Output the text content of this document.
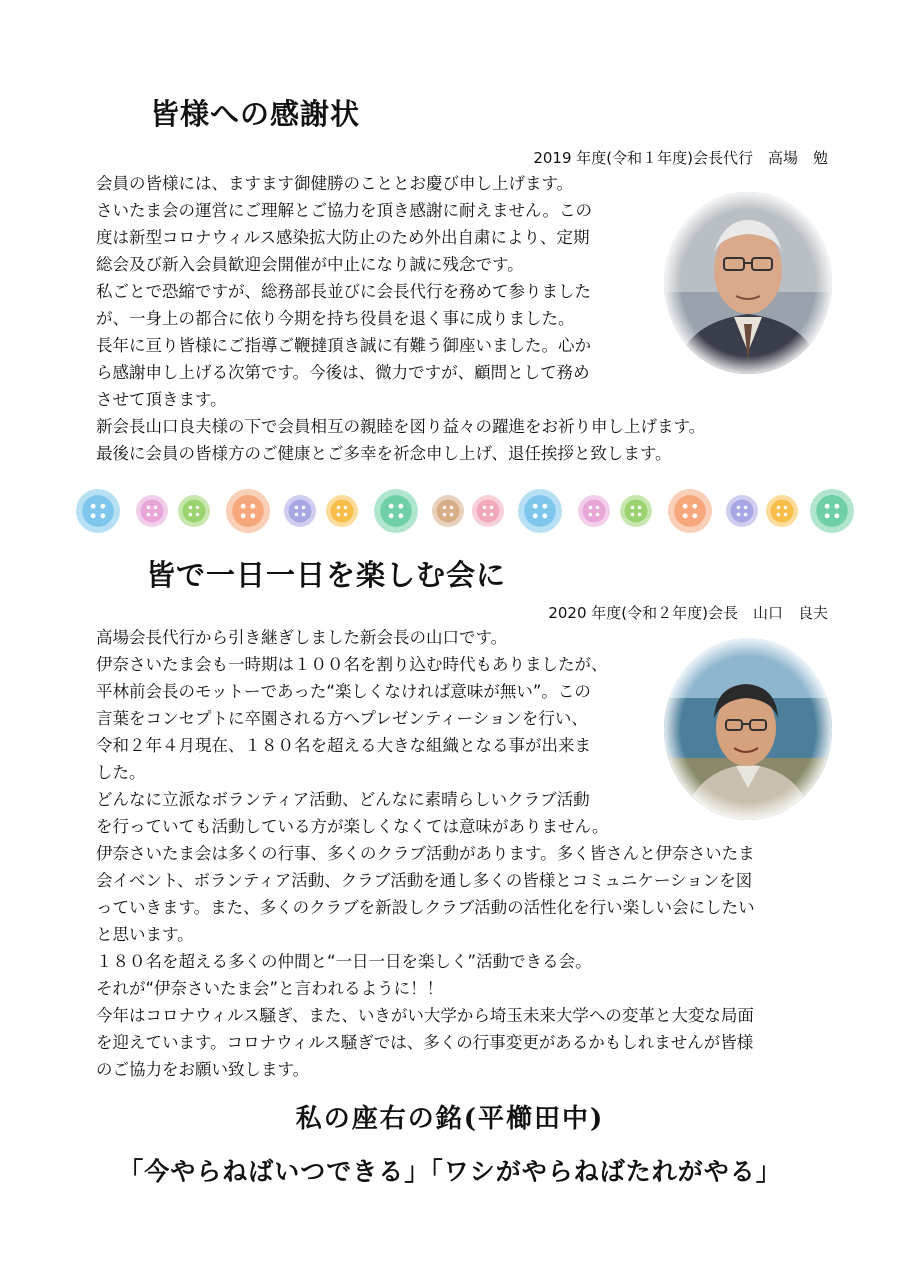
皆様への感謝状
2019 年度(令和１年度)会長代行　高場　勉
会員の皆様には、ますます御健勝のこととお慶び申し上げます。
さいたま会の運営にご理解とご協力を頂き感謝に耐えません。この
度は新型コロナウィルス感染拡大防止のため外出自粛により、定期
総会及び新入会員歓迎会開催が中止になり誠に残念です。
私ごとで恐縮ですが、総務部長並びに会長代行を務めて参りました
が、一身上の都合に依り今期を持ち役員を退く事に成りました。
長年に亘り皆様にご指導ご鞭撻頂き誠に有難う御座いました。心か
ら感謝申し上げる次第です。今後は、微力ですが、顧問として務め
させて頂きます。
新会長山口良夫様の下で会員相互の親睦を図り益々の躍進をお祈り申し上げます。
最後に会員の皆様方のご健康とご多幸を祈念申し上げ、退任挨拶と致します。
皆で一日一日を楽しむ会に
2020 年度(令和２年度)会長　山口　良夫
高場会長代行から引き継ぎしました新会長の山口です。
伊奈さいたま会も一時期は１００名を割り込む時代もありましたが、
平林前会長のモットーであった“楽しくなければ意味が無い”。この
言葉をコンセプトに卒園される方へプレゼンティーションを行い、
令和２年４月現在、１８０名を超える大きな組織となる事が出来ま
した。
どんなに立派なボランティア活動、どんなに素晴らしいクラブ活動
を行っていても活動している方が楽しくなくては意味がありません。
伊奈さいたま会は多くの行事、多くのクラブ活動があります。多く皆さんと伊奈さいたま
会イベント、ボランティア活動、クラブ活動を通し多くの皆様とコミュニケーションを図
っていきます。また、多くのクラブを新設しクラブ活動の活性化を行い楽しい会にしたい
と思います。
１８０名を超える多くの仲間と“一日一日を楽しく”活動できる会。
それが“伊奈さいたま会”と言われるように！！
今年はコロナウィルス騒ぎ、また、いきがい大学から埼玉未来大学への変革と大変な局面
を迎えています。コロナウィルス騒ぎでは、多くの行事変更があるかもしれませんが皆様
のご協力をお願い致します。
私の座右の銘(平櫛田中)
「今やらねばいつできる」「ワシがやらねばたれがやる」
